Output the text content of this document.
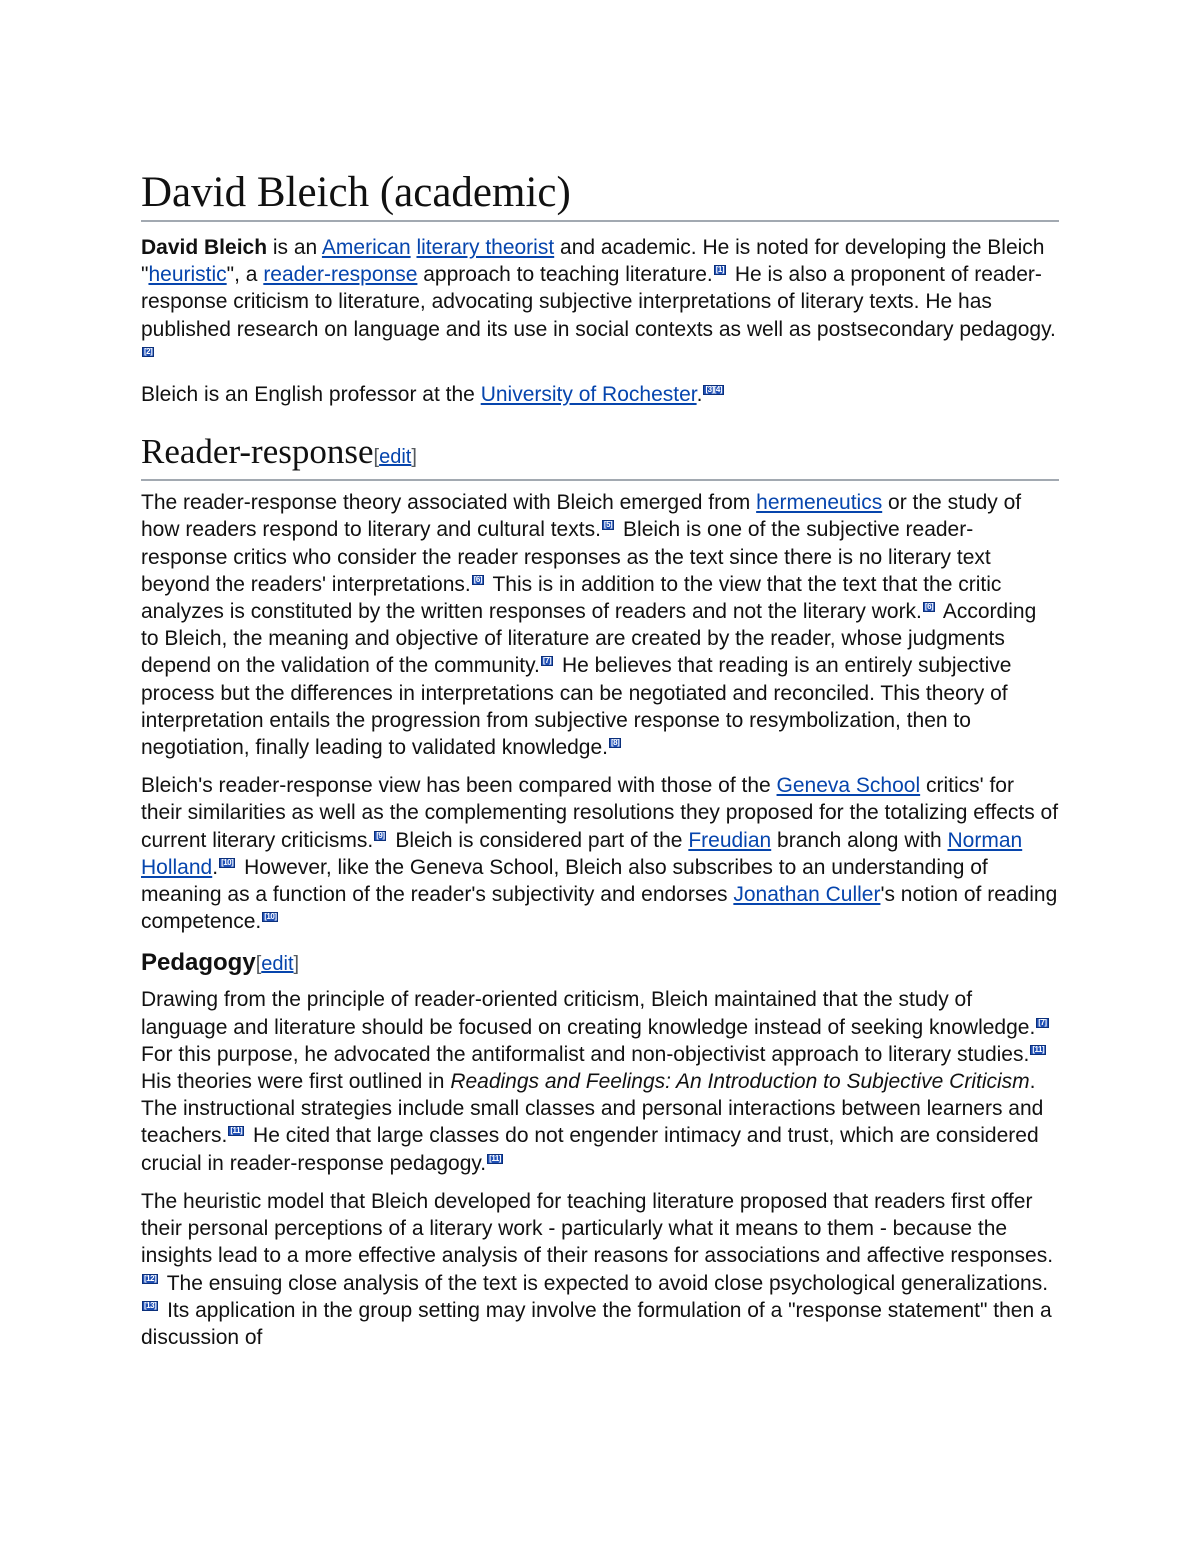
David Bleich (academic)

David Bleich is an American literary theorist and academic. He is noted for developing the Bleich "heuristic", a reader-response approach to teaching literature. [1] He is also a proponent of reader-response criticism to literature, advocating subjective interpretations of literary texts. He has published research on language and its use in social contexts as well as postsecondary pedagogy.[2]

Bleich is an English professor at the University of Rochester. [3][4]

Reader-response[edit]

The reader-response theory associated with Bleich emerged from hermeneutics or the study of how readers respond to literary and cultural texts. [5] Bleich is one of the subjective reader-response critics who consider the reader responses as the text since there is no literary text beyond the readers' interpretations. [6] This is in addition to the view that the text that the critic analyzes is constituted by the written responses of readers and not the literary work. [6] According to Bleich, the meaning and objective of literature are created by the reader, whose judgments depend on the validation of the community. [7] He believes that reading is an entirely subjective process but the differences in interpretations can be negotiated and reconciled. This theory of interpretation entails the progression from subjective response to resymbolization, then to negotiation, finally leading to validated knowledge. [8]

Bleich's reader-response view has been compared with those of the Geneva School critics' for their similarities as well as the complementing resolutions they proposed for the totalizing effects of current literary criticisms. [9] Bleich is considered part of the Freudian branch along with Norman Holland. [10] However, like the Geneva School, Bleich also subscribes to an understanding of meaning as a function of the reader's subjectivity and endorses Jonathan Culler's notion of reading competence. [10]

Pedagogy[edit]

Drawing from the principle of reader-oriented criticism, Bleich maintained that the study of language and literature should be focused on creating knowledge instead of seeking knowledge. [7] For this purpose, he advocated the antiformalist and non-objectivist approach to literary studies. [11] His theories were first outlined in Readings and Feelings: An Introduction to Subjective Criticism. The instructional strategies include small classes and personal interactions between learners and teachers. [11] He cited that large classes do not engender intimacy and trust, which are considered crucial in reader-response pedagogy. [11]

The heuristic model that Bleich developed for teaching literature proposed that readers first offer their personal perceptions of a literary work - particularly what it means to them - because the insights lead to a more effective analysis of their reasons for associations and affective responses.[12] The ensuing close analysis of the text is expected to avoid close psychological generalizations.[13] Its application in the group setting may involve the formulation of a "response statement" then a discussion of
